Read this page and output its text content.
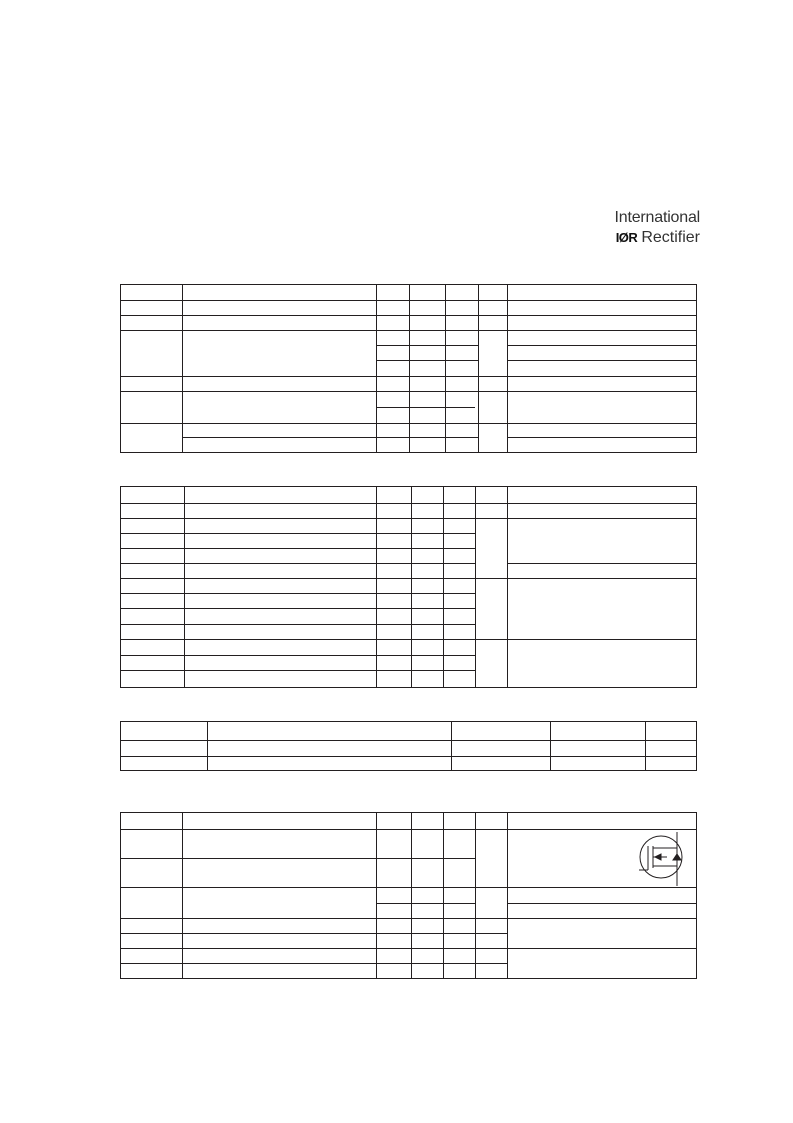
International
IØR Rectifier
